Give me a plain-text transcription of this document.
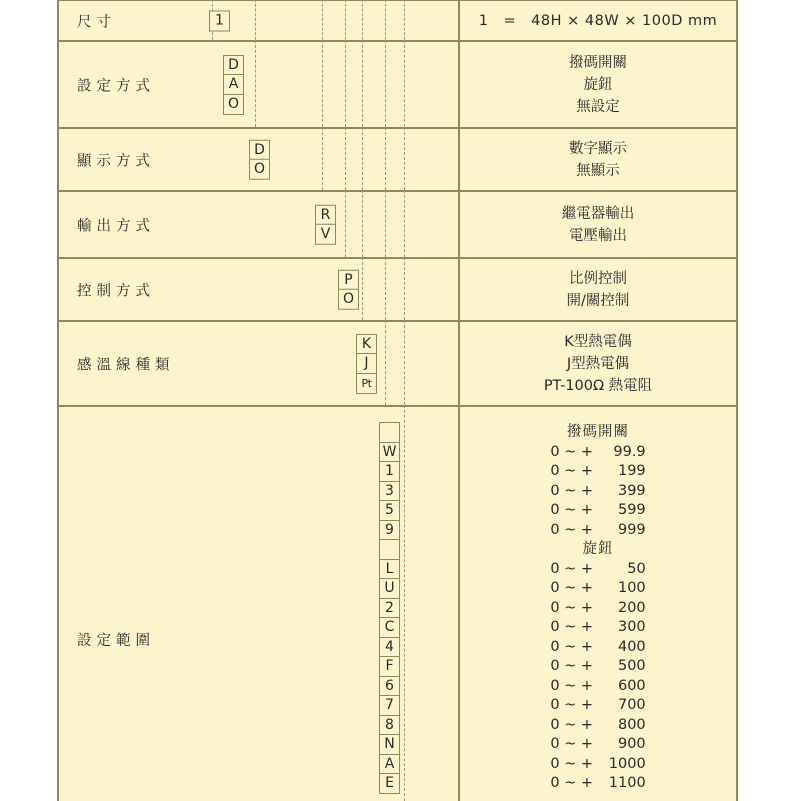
尺寸	1	1　=　48H × 48W × 100D mm
設定方式
D
A
O
撥碼開關
旋鈕
無設定
顯示方式
D
O
數字顯示
無顯示
輸出方式
R
V
繼電器輸出
電壓輸出
控制方式
P
O
比例控制
開/關控制
感溫線種類
K
J
Pt
K型熱電偶
J型熱電偶
PT-100Ω 熱電阻
設定範圍

W
1
3
5
9

L
U
2
C
4
F
6
7
8
N
A
E
撥碼開關
0 ~ + 99.9
0 ~ + 199
0 ~ + 399
0 ~ + 599
0 ~ + 999
旋鈕
0 ~ + 50
0 ~ + 100
0 ~ + 200
0 ~ + 300
0 ~ + 400
0 ~ + 500
0 ~ + 600
0 ~ + 700
0 ~ + 800
0 ~ + 900
0 ~ + 1000
0 ~ + 1100
